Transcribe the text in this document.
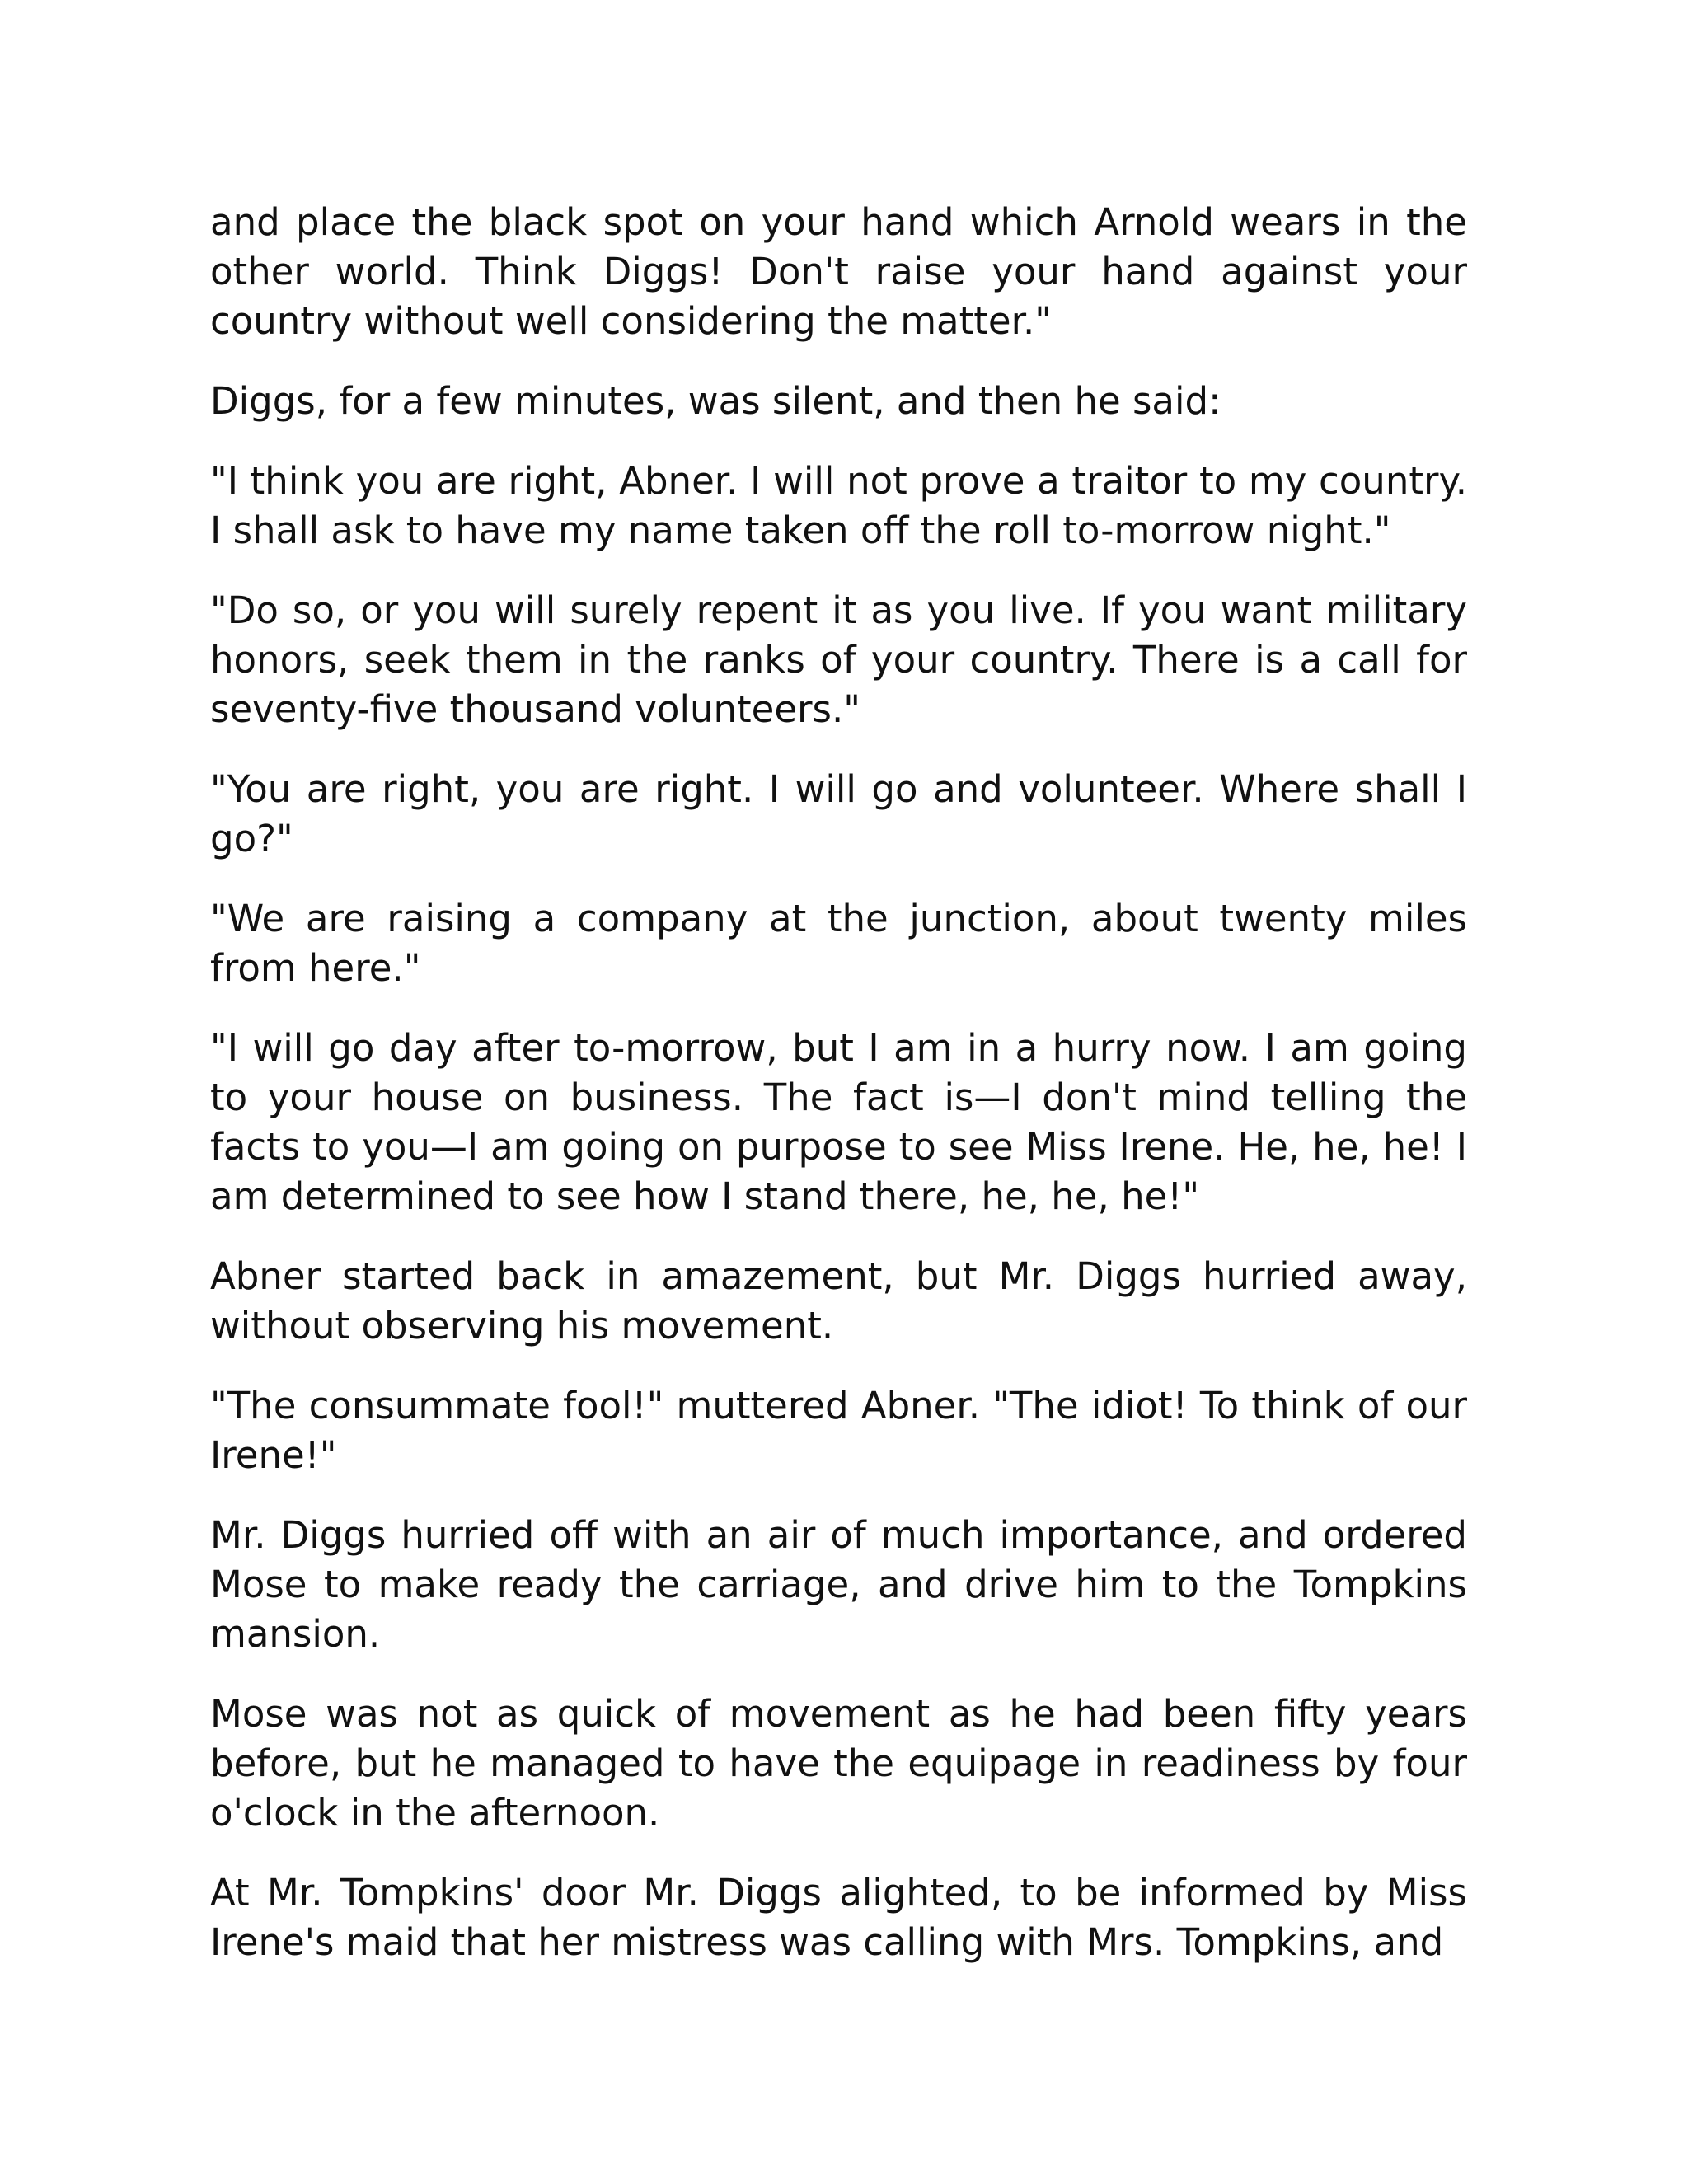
and place the black spot on your hand which Arnold wears in the other world. Think Diggs! Don't raise your hand against your country without well considering the matter."

Diggs, for a few minutes, was silent, and then he said:

"I think you are right, Abner. I will not prove a traitor to my country. I shall ask to have my name taken off the roll to-morrow night."

"Do so, or you will surely repent it as you live. If you want military honors, seek them in the ranks of your country. There is a call for seventy-five thousand volunteers."

"You are right, you are right. I will go and volunteer. Where shall I go?"

"We are raising a company at the junction, about twenty miles from here."

"I will go day after to-morrow, but I am in a hurry now. I am going to your house on business. The fact is—I don't mind telling the facts to you—I am going on purpose to see Miss Irene. He, he, he! I am determined to see how I stand there, he, he, he!"

Abner started back in amazement, but Mr. Diggs hurried away, without observing his movement.

"The consummate fool!" muttered Abner. "The idiot! To think of our Irene!"

Mr. Diggs hurried off with an air of much importance, and ordered Mose to make ready the carriage, and drive him to the Tompkins mansion.

Mose was not as quick of movement as he had been fifty years before, but he managed to have the equipage in readiness by four o'clock in the afternoon.

At Mr. Tompkins' door Mr. Diggs alighted, to be informed by Miss Irene's maid that her mistress was calling with Mrs. Tompkins, and
